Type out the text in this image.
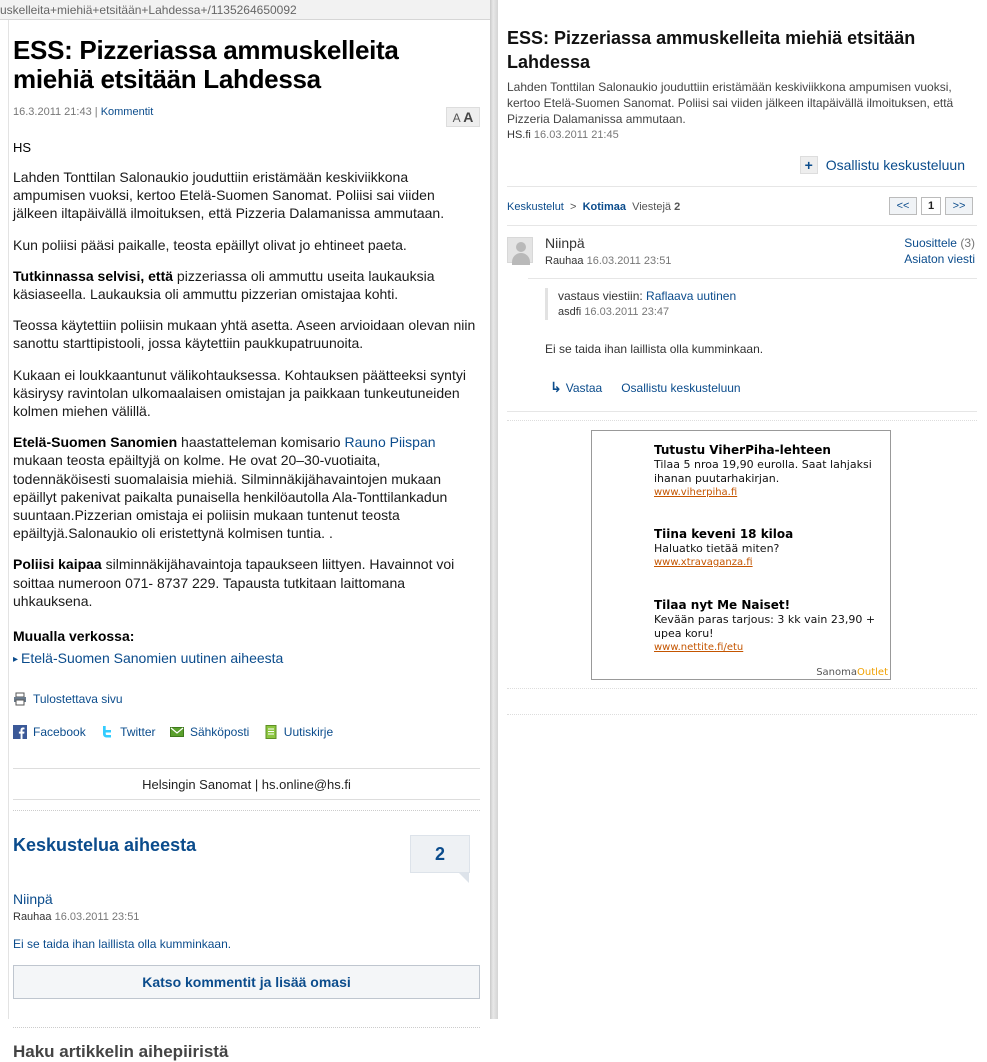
uskelleita+miehiä+etsitään+Lahdessa+/1135264650092
ESS: Pizzeriassa ammuskelleita miehiä etsitään Lahdessa
16.3.2011 21:43 | Kommentit	A A
HS
Lahden Tonttilan Salonaukio jouduttiin eristämään keskiviikkona ampumisen vuoksi, kertoo Etelä-Suomen Sanomat. Poliisi sai viiden jälkeen iltapäivällä ilmoituksen, että Pizzeria Dalamanissa ammutaan.
Kun poliisi pääsi paikalle, teosta epäillyt olivat jo ehtineet paeta.
Tutkinnassa selvisi, että pizzeriassa oli ammuttu useita laukauksia käsiaseella. Laukauksia oli ammuttu pizzerian omistajaa kohti.
Teossa käytettiin poliisin mukaan yhtä asetta. Aseen arvioidaan olevan niin sanottu starttipistooli, jossa käytettiin paukkupatruunoita.
Kukaan ei loukkaantunut välikohtauksessa. Kohtauksen päätteeksi syntyi käsirysy ravintolan ulkomaalaisen omistajan ja paikkaan tunkeutuneiden kolmen miehen välillä.
Etelä-Suomen Sanomien haastatteleman komisario Rauno Piispan mukaan teosta epäiltyjä on kolme. He ovat 20–30-vuotiaita, todennäköisesti suomalaisia miehiä. Silminnäkijähavaintojen mukaan epäillyt pakenivat paikalta punaisella henkilöautolla Ala-Tonttilankadun suuntaan.Pizzerian omistaja ei poliisin mukaan tuntenut teosta epäiltyjä.Salonaukio oli eristettynä kolmisen tuntia. .
Poliisi kaipaa silminnäkijähavaintoja tapaukseen liittyen. Havainnot voi soittaa numeroon 071- 8737 229. Tapausta tutkitaan laittomana uhkauksena.
Muualla verkossa:
▸ Etelä-Suomen Sanomien uutinen aiheesta
Tulostettava sivu
Facebook
	Twitter
	Sähköposti
	Uutiskirje
Helsingin Sanomat | hs.online@hs.fi
Keskustelua aiheesta	2
Niinpä
Rauhaa 16.03.2011 23:51
Ei se taida ihan laillista olla kumminkaan.
Katso kommentit ja lisää omasi
Haku artikkelin aihepiiristä
ESS: Pizzeriassa ammuskelleita miehiä etsitään Lahdessa
Lahden Tonttilan Salonaukio jouduttiin eristämään keskiviikkona ampumisen vuoksi, kertoo Etelä-Suomen Sanomat. Poliisi sai viiden jälkeen iltapäivällä ilmoituksen, että Pizzeria Dalamanissa ammutaan.
HS.fi 16.03.2011 21:45
+ Osallistu keskusteluun
Keskustelut > Kotimaa Viestejä 2	<<	1	>>
Niinpä
Rauhaa 16.03.2011 23:51
Suosittele (3)
Asiaton viesti
vastaus viestiin: Raflaava uutinen
asdfi 16.03.2011 23:47
Ei se taida ihan laillista olla kumminkaan.
↳ Vastaa Osallistu keskusteluun
Tutustu ViherPiha-lehteen
Tilaa 5 nroa 19,90 eurolla. Saat lahjaksi ihanan puutarhakirjan.
www.viherpiha.fi
Tiina keveni 18 kiloa
Haluatko tietää miten?
www.xtravaganza.fi
Tilaa nyt Me Naiset!
Kevään paras tarjous: 3 kk vain 23,90 + upea koru!
www.nettite.fi/etu
SanomaOutlet
